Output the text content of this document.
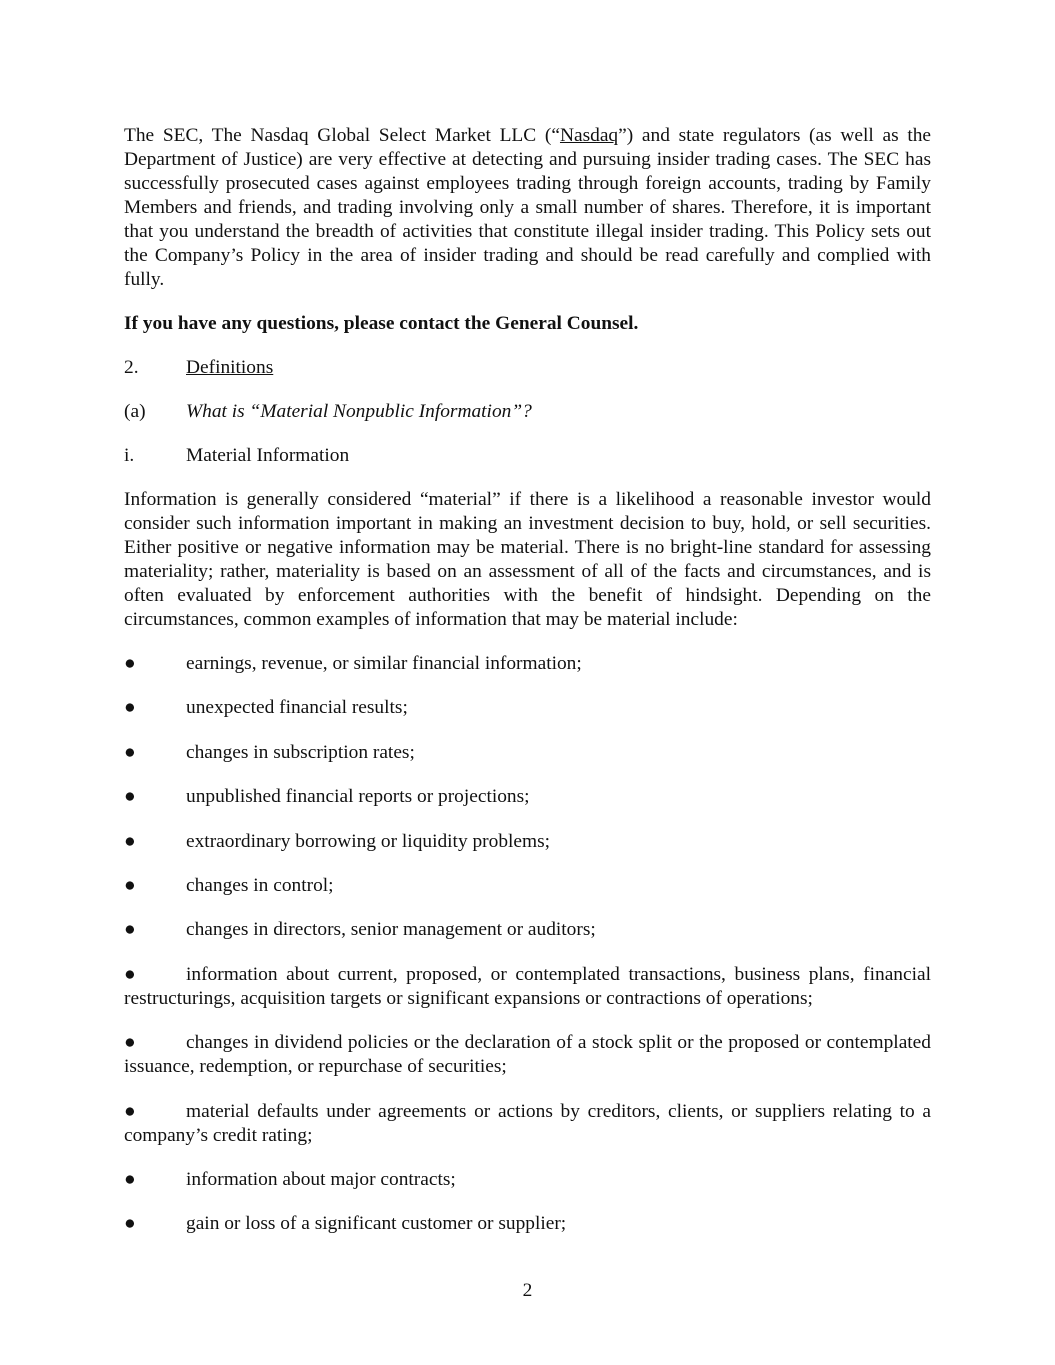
The SEC, The Nasdaq Global Select Market LLC (“Nasdaq”) and state regulators (as well as the Department of Justice) are very effective at detecting and pursuing insider trading cases. The SEC has successfully prosecuted cases against employees trading through foreign accounts, trading by Family Members and friends, and trading involving only a small number of shares. Therefore, it is important that you understand the breadth of activities that constitute illegal insider trading. This Policy sets out the Company’s Policy in the area of insider trading and should be read carefully and complied with fully.

If you have any questions, please contact the General Counsel.

2.	Definitions
(a)	What is “Material Nonpublic Information”?
i.	Material Information

Information is generally considered “material” if there is a likelihood a reasonable investor would consider such information important in making an investment decision to buy, hold, or sell securities. Either positive or negative information may be material. There is no bright-line standard for assessing materiality; rather, materiality is based on an assessment of all of the facts and circumstances, and is often evaluated by enforcement authorities with the benefit of hindsight. Depending on the circumstances, common examples of information that may be material include:

●	earnings, revenue, or similar financial information;
●	unexpected financial results;
●	changes in subscription rates;
●	unpublished financial reports or projections;
●	extraordinary borrowing or liquidity problems;
●	changes in control;
●	changes in directors, senior management or auditors;

●	information about current, proposed, or contemplated transactions, business plans, financial restructurings, acquisition targets or significant expansions or contractions of operations;

●	changes in dividend policies or the declaration of a stock split or the proposed or contemplated issuance, redemption, or repurchase of securities;

●	material defaults under agreements or actions by creditors, clients, or suppliers relating to a company’s credit rating;

●	information about major contracts;
●	gain or loss of a significant customer or supplier;
2
